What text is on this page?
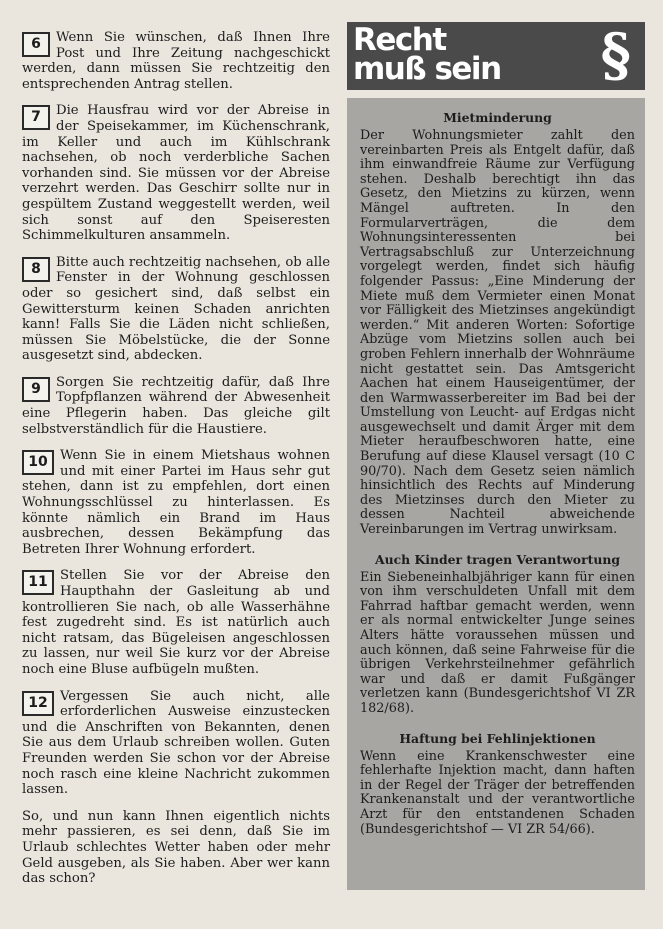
6	Wenn Sie wünschen, daß Ihnen Ihre Post und Ihre Zeitung nachgeschickt werden, dann müssen Sie rechtzeitig den entsprechenden Antrag stellen.
7	Die Hausfrau wird vor der Abreise in der Speisekammer, im Küchenschrank, im Keller und auch im Kühlschrank nachsehen, ob noch verderbliche Sachen vorhanden sind. Sie müssen vor der Abreise verzehrt werden. Das Geschirr sollte nur in gespültem Zustand weggestellt werden, weil sich sonst auf den Speiseresten Schimmelkulturen ansammeln.
8	Bitte auch rechtzeitig nachsehen, ob alle Fenster in der Wohnung geschlossen oder so gesichert sind, daß selbst ein Gewittersturm keinen Schaden anrichten kann! Falls Sie die Läden nicht schließen, müssen Sie Möbelstücke, die der Sonne ausgesetzt sind, abdecken.
9	Sorgen Sie rechtzeitig dafür, daß Ihre Topfpflanzen während der Abwesenheit eine Pflegerin haben. Das gleiche gilt selbstverständlich für die Haustiere.
10 Wenn Sie in einem Mietshaus wohnen und mit einer Partei im Haus sehr gut stehen, dann ist zu empfehlen, dort einen Wohnungsschlüssel zu hinterlassen. Es könnte nämlich ein Brand im Haus ausbrechen, dessen Bekämpfung das Betreten Ihrer Wohnung erfordert.
11 Stellen Sie vor der Abreise den Haupthahn der Gasleitung ab und kontrollieren Sie nach, ob alle Wasserhähne fest zugedreht sind. Es ist natürlich auch nicht ratsam, das Bügeleisen angeschlossen zu lassen, nur weil Sie kurz vor der Abreise noch eine Bluse aufbügeln mußten.
12 Vergessen Sie auch nicht, alle erforderlichen Ausweise einzustecken und die Anschriften von Bekannten, denen Sie aus dem Urlaub schreiben wollen. Guten Freunden werden Sie schon vor der Abreise noch rasch eine kleine Nachricht zukommen lassen.

So, und nun kann Ihnen eigentlich nichts mehr passieren, es sei denn, daß Sie im Urlaub schlechtes Wetter haben oder mehr Geld ausgeben, als Sie haben. Aber wer kann das schon?

Recht
muß sein	§
Mietminderung

Der Wohnungsmieter zahlt den vereinbarten Preis als Entgelt dafür, daß ihm einwandfreie Räume zur Verfügung stehen. Deshalb berechtigt ihn das Gesetz, den Mietzins zu kürzen, wenn Mängel auftreten. In den Formularverträgen, die dem Wohnungsinteressenten bei Vertragsabschluß zur Unterzeichnung vorgelegt werden, findet sich häufig folgender Passus: „Eine Minderung der Miete muß dem Vermieter einen Monat vor Fälligkeit des Mietzinses angekündigt werden.“ Mit anderen Worten: Sofortige Abzüge vom Mietzins sollen auch bei groben Fehlern innerhalb der Wohnräume nicht gestattet sein. Das Amtsgericht Aachen hat einem Hauseigentümer, der den Warmwasserbereiter im Bad bei der Umstellung von Leucht- auf Erdgas nicht ausgewechselt und damit Ärger mit dem Mieter heraufbeschworen hatte, eine Berufung auf diese Klausel versagt (10 C 90/70). Nach dem Gesetz seien nämlich hinsichtlich des Rechts auf Minderung des Mietzinses durch den Mieter zu dessen Nachteil abweichende Vereinbarungen im Vertrag unwirksam.

Auch Kinder tragen Verantwortung

Ein Siebeneinhalbjähriger kann für einen von ihm verschuldeten Unfall mit dem Fahrrad haftbar gemacht werden, wenn er als normal entwickelter Junge seines Alters hätte voraussehen müssen und auch können, daß seine Fahrweise für die übrigen Verkehrsteilnehmer gefährlich war und daß er damit Fußgänger verletzen kann (Bundesgerichtshof VI ZR 182/68).

Haftung bei Fehlinjektionen

Wenn eine Krankenschwester eine fehlerhafte Injektion macht, dann haften in der Regel der Träger der betreffenden Krankenanstalt und der verantwortliche Arzt für den entstandenen Schaden (Bundesgerichtshof — VI ZR 54/66).
